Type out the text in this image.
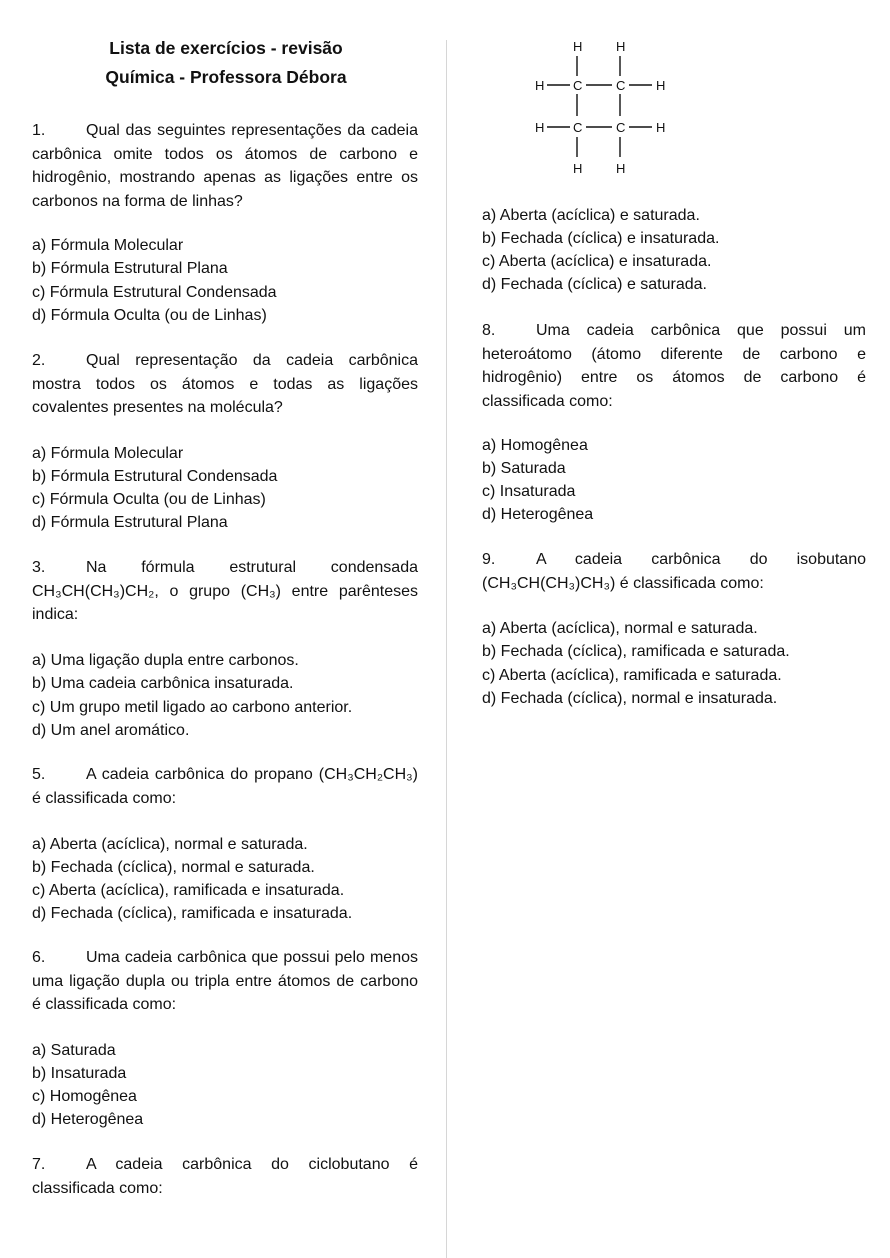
Lista de exercícios - revisão
Química - Professora Débora
1.	Qual das seguintes representações da cadeia carbônica omite todos os átomos de carbono e hidrogênio, mostrando apenas as ligações entre os carbonos na forma de linhas?
a) Fórmula Molecular
b) Fórmula Estrutural Plana
c) Fórmula Estrutural Condensada
d) Fórmula Oculta (ou de Linhas)
2.	Qual representação da cadeia carbônica mostra todos os átomos e todas as ligações covalentes presentes na molécula?
a) Fórmula Molecular
b) Fórmula Estrutural Condensada
c) Fórmula Oculta (ou de Linhas)
d) Fórmula Estrutural Plana
3.	Na fórmula estrutural condensada CH₃CH(CH₃)CH₂, o grupo (CH₃) entre parênteses indica:
a) Uma ligação dupla entre carbonos.
b) Uma cadeia carbônica insaturada.
c) Um grupo metil ligado ao carbono anterior.
d) Um anel aromático.
5.	A cadeia carbônica do propano (CH₃CH₂CH₃) é classificada como:
a) Aberta (acíclica), normal e saturada.
b) Fechada (cíclica), normal e saturada.
c) Aberta (acíclica), ramificada e insaturada.
d) Fechada (cíclica), ramificada e insaturada.
6.	Uma cadeia carbônica que possui pelo menos uma ligação dupla ou tripla entre átomos de carbono é classificada como:
a) Saturada
b) Insaturada
c) Homogênea
d) Heterogênea
7.	A cadeia carbônica do ciclobutano é classificada como:
H	H
H C	C H
H C	C H
H	H
a) Aberta (acíclica) e saturada.
b) Fechada (cíclica) e insaturada.
c) Aberta (acíclica) e insaturada.
d) Fechada (cíclica) e saturada.
8.	Uma cadeia carbônica que possui um heteroátomo (átomo diferente de carbono e hidrogênio) entre os átomos de carbono é classificada como:
a) Homogênea
b) Saturada
c) Insaturada
d) Heterogênea
9.	A cadeia carbônica do isobutano (CH₃CH(CH₃)CH₃) é classificada como:
a) Aberta (acíclica), normal e saturada.
b) Fechada (cíclica), ramificada e saturada.
c) Aberta (acíclica), ramificada e saturada.
d) Fechada (cíclica), normal e insaturada.
